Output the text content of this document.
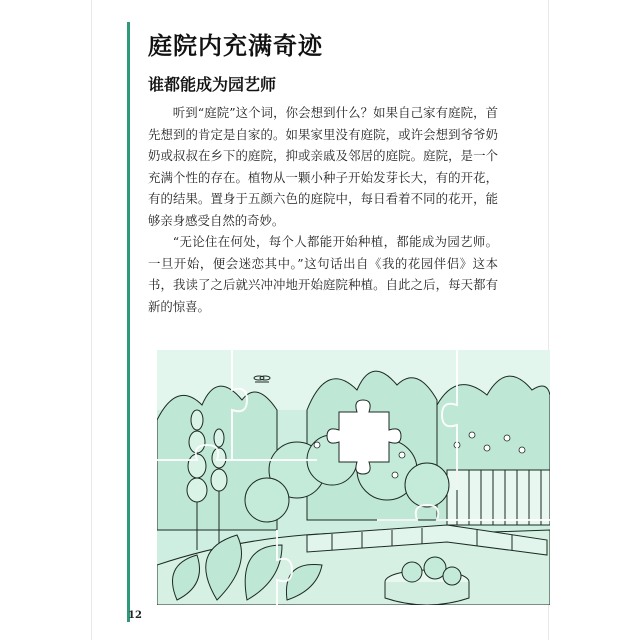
庭院内充满奇迹
谁都能成为园艺师

听到“庭院”这个词，你会想到什么？如果自己家有庭院，首先想到的肯定是自家的。如果家里没有庭院，或许会想到爷爷奶奶或叔叔在乡下的庭院，抑或亲戚及邻居的庭院。庭院，是一个充满个性的存在。植物从一颗小种子开始发芽长大，有的开花，有的结果。置身于五颜六色的庭院中，每日看着不同的花开，能够亲身感受自然的奇妙。

“无论住在何处，每个人都能开始种植，都能成为园艺师。一旦开始，便会迷恋其中。”这句话出自《我的花园伴侣》这本书，我读了之后就兴冲冲地开始庭院种植。自此之后，每天都有新的惊喜。

12
